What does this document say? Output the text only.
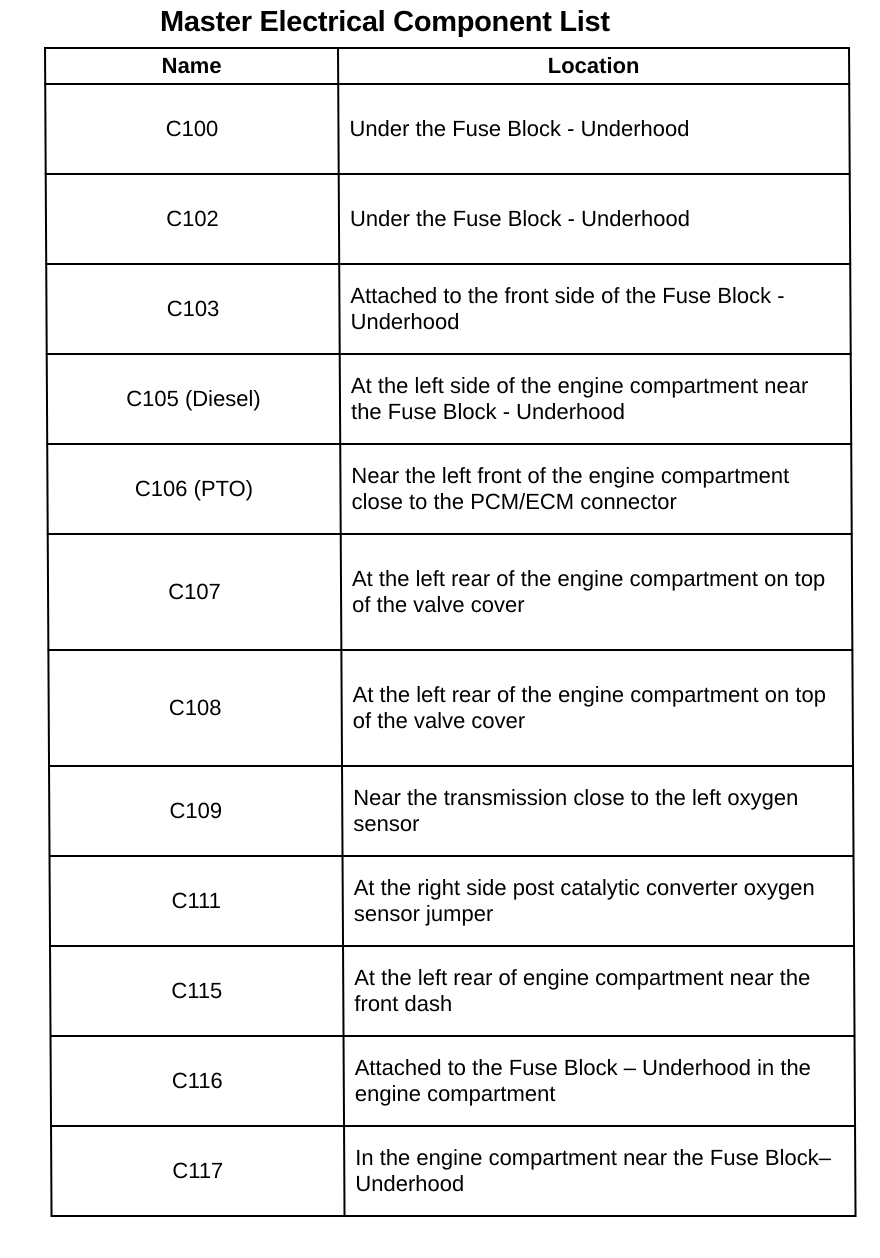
Master Electrical Component List
Name	Location
C100	Under the Fuse Block - Underhood
C102	Under the Fuse Block - Underhood
C103	Attached to the front side of the Fuse Block - Underhood
C105 (Diesel)	At the left side of the engine compartment near the Fuse Block - Underhood
C106 (PTO)	Near the left front of the engine compartment close to the PCM/ECM connector
C107	At the left rear of the engine compartment on top of the valve cover
C108	At the left rear of the engine compartment on top of the valve cover
C109	Near the transmission close to the left oxygen sensor
C111	At the right side post catalytic converter oxygen sensor jumper
C115	At the left rear of engine compartment near the front dash
C116	Attached to the Fuse Block – Underhood in the engine compartment
C117	In the engine compartment near the Fuse Block–Underhood
